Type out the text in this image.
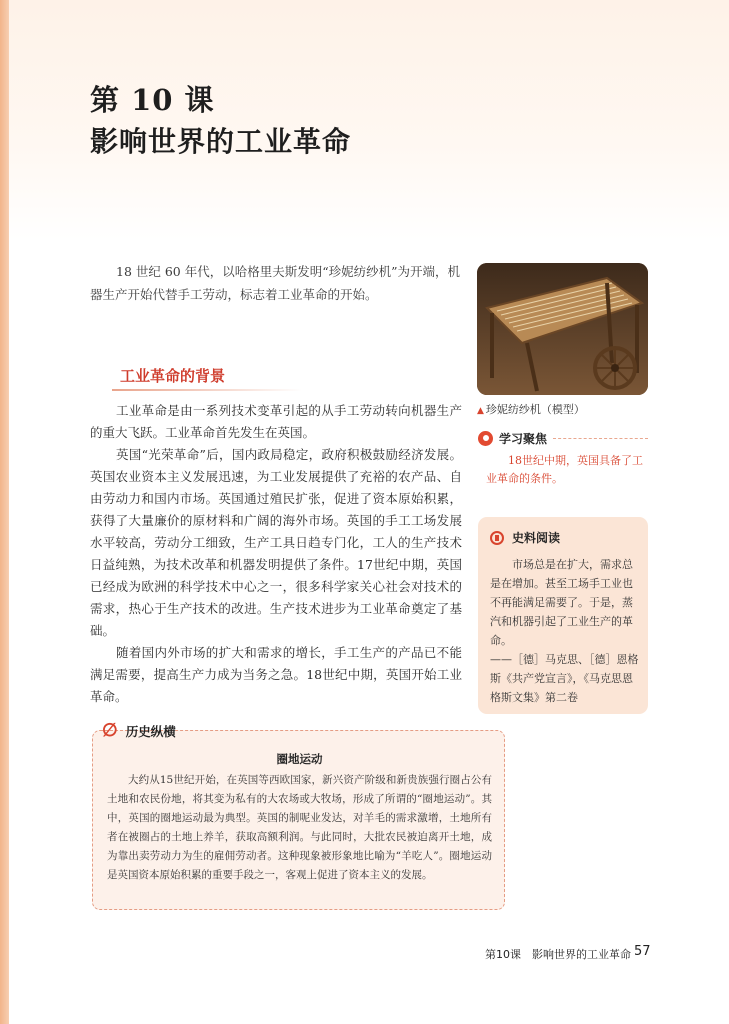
第 10 课
影响世界的工业革命

18 世纪 60 年代，以哈格里夫斯发明“珍妮纺纱机”为开端，机器生产开始代替手工劳动，标志着工业革命的开始。

▲ 珍妮纺纱机（模型）
学习聚焦

18世纪中期，英国具备了工业革命的条件。

工业革命的背景

工业革命是由一系列技术变革引起的从手工劳动转向机器生产的重大飞跃。工业革命首先发生在英国。

英国“光荣革命”后，国内政局稳定，政府积极鼓励经济发展。英国农业资本主义发展迅速，为工业发展提供了充裕的农产品、自由劳动力和国内市场。英国通过殖民扩张，促进了资本原始积累，获得了大量廉价的原材料和广阔的海外市场。英国的手工工场发展水平较高，劳动分工细致，生产工具日趋专门化，工人的生产技术日益纯熟，为技术改革和机器发明提供了条件。17世纪中期，英国已经成为欧洲的科学技术中心之一，很多科学家关心社会对技术的需求，热心于生产技术的改进。生产技术进步为工业革命奠定了基础。

随着国内外市场的扩大和需求的增长，手工生产的产品已不能满足需要，提高生产力成为当务之急。18世纪中期，英国开始工业革命。

史料阅读

市场总是在扩大，需求总是在增加。甚至工场手工业也不再能满足需要了。于是，蒸汽和机器引起了工业生产的革命。

——［德］马克思、［德］恩格斯《共产党宣言》，《马克思恩格斯文集》第二卷

圈地运动

大约从15世纪开始，在英国等西欧国家，新兴资产阶级和新贵族强行圈占公有土地和农民份地，将其变为私有的大农场或大牧场，形成了所谓的“圈地运动”。其中，英国的圈地运动最为典型。英国的制呢业发达，对羊毛的需求激增，土地所有者在被圈占的土地上养羊，获取高额利润。与此同时，大批农民被迫离开土地，成为靠出卖劳动力为生的雇佣劳动者。这种现象被形象地比喻为“羊吃人”。圈地运动是英国资本原始积累的重要手段之一，客观上促进了资本主义的发展。

∅ 历史纵横
第10课　影响世界的工业革命 57
